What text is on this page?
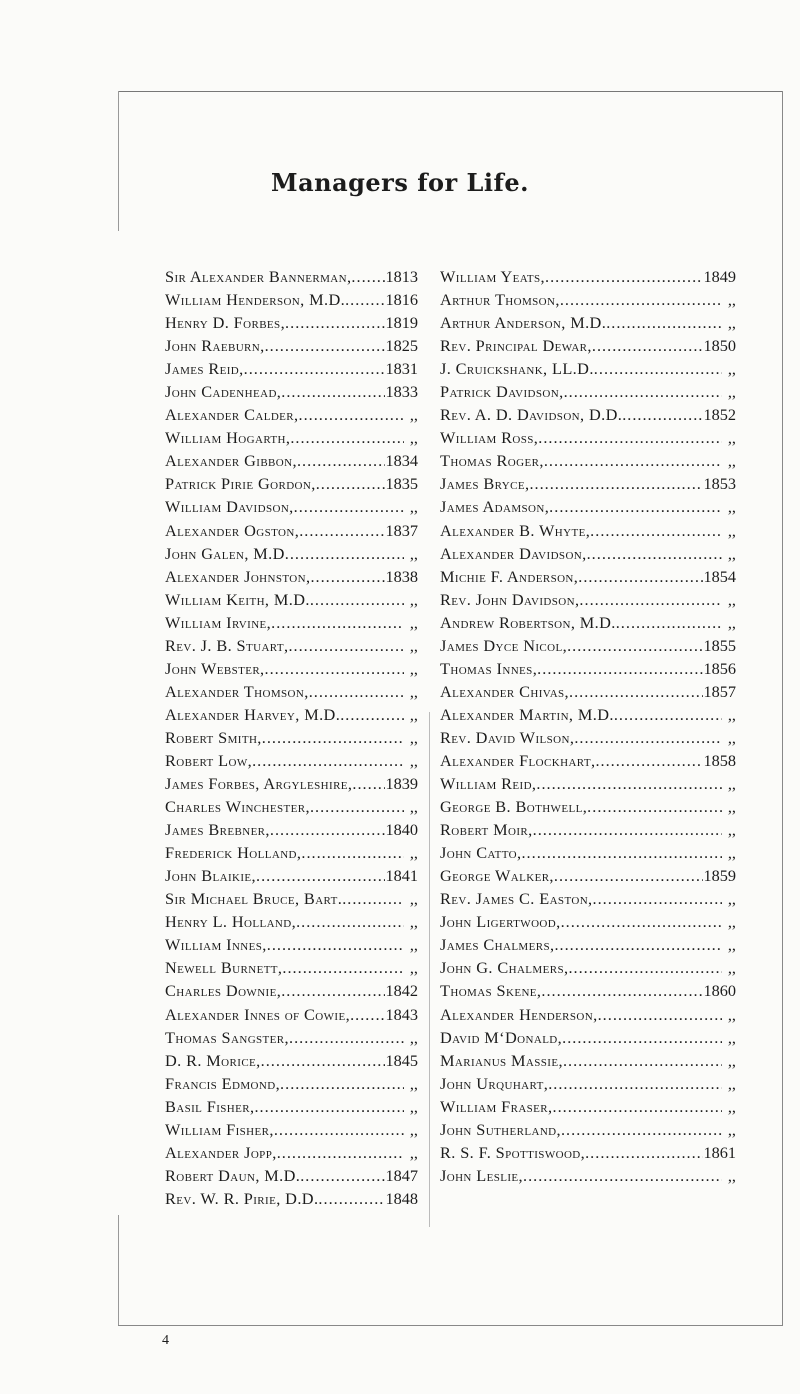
Managers for Life.
Sir Alexander Bannerman, ..... 1813
William Henderson, M.D. ..... 1816
Henry D. Forbes, .....	1819
John Raeburn, .....	1825
James Reid, .....	1831
John Cadenhead, .....	1833
Alexander Calder, .....	,,
William Hogarth, .....	,,
Alexander Gibbon, .....	1834
Patrick Pirie Gordon, .....	1835
William Davidson, .....	,,
Alexander Ogston, .....	1837
John Galen, M.D .....	,,
Alexander Johnston, .....	1838
William Keith, M.D. .....	,,
William Irvine, .....	,,
Rev. J. B. Stuart, .....	,,
John Webster, .....	,,
Alexander Thomson, .....	,,
Alexander Harvey, M.D. .....	,,
Robert Smith, .....	,,
Robert Low, .....	,,
James Forbes, Argyleshire, ..... 1839
Charles Winchester, .....	,,
James Brebner, .....	1840
Frederick Holland, .....	,,
John Blaikie, .....	1841
Sir Michael Bruce, Bart. .....	,,
Henry L. Holland, .....	,,
William Innes, .....	,,
Newell Burnett, .....	,,
Charles Downie, .....	1842
Alexander Innes of Cowie, ..... 1843
Thomas Sangster, .....	,,
D. R. Morice, .....	1845
Francis Edmond, .....	,,
Basil Fisher, .....	,,
William Fisher, .....	,,
Alexander Jopp, .....	,,
Robert Daun, M.D. .....	1847
Rev. W. R. Pirie, D.D. .....	1848
William Yeats, .....	1849
Arthur Thomson, .....	,,
Arthur Anderson, M.D. .....	,,
Rev. Principal Dewar, .....	1850
J. Cruickshank, LL.D. .....	,,
Patrick Davidson, .....	,,
Rev. A. D. Davidson, D.D. .....	1852
William Ross, .....	,,
Thomas Roger, .....	,,
James Bryce, .....	1853
James Adamson, .....	,,
Alexander B. Whyte, .....	,,
Alexander Davidson, .....	,,
Michie F. Anderson, .....	1854
Rev. John Davidson, .....	,,
Andrew Robertson, M.D. .....	,,
James Dyce Nicol, .....	1855
Thomas Innes, .....	1856
Alexander Chivas, .....	1857
Alexander Martin, M.D. .....	,,
Rev. David Wilson, .....	,,
Alexander Flockhart, .....	1858
William Reid, .....	,,
George B. Bothwell, .....	,,
Robert Moir, .....	,,
John Catto, .....	,,
George Walker, .....	1859
Rev. James C. Easton, .....	,,
John Ligertwood, .....	,,
James Chalmers, .....	,,
John G. Chalmers, .....	,,
Thomas Skene, .....	1860
Alexander Henderson, .....	,,
David M‘Donald, .....	,,
Marianus Massie, .....	,,
John Urquhart, .....	,,
William Fraser, .....	,,
John Sutherland, .....	,,
R. S. F. Spottiswood, .....	1861
John Leslie, .....	,,
4
